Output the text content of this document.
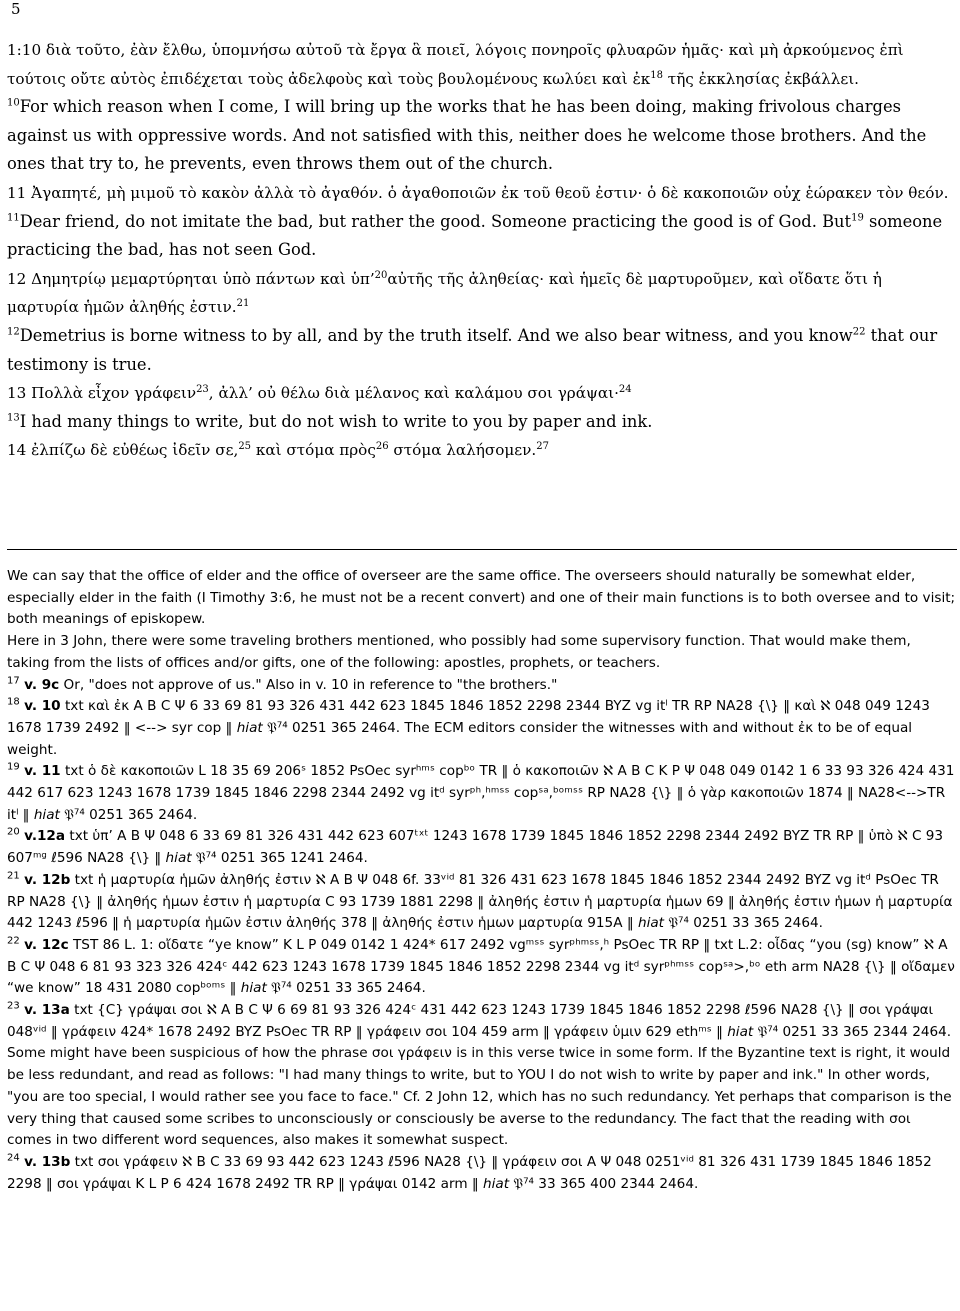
5

1:10 διὰ τοῦτο, ἐὰν ἔλθω, ὑπομνήσω αὐτοῦ τὰ ἔργα ἃ ποιεῖ, λόγοις πονηροῖς φλυαρῶν ἡμᾶς· καὶ μὴ ἀρκούμενος ἐπὶ τούτοις οὔτε αὐτὸς ἐπιδέχεται τοὺς ἀδελφοὺς καὶ τοὺς βουλομένους κωλύει καὶ ἐκ$^{18}$ τῆς ἐκκλησίας ἐκβάλλει.

$^{10}$For which reason when I come, I will bring up the works that he has been doing, making frivolous charges against us with oppressive words. And not satisfied with this, neither does he welcome those brothers. And the ones that try to, he prevents, even throws them out of the church.

11 Ἀγαπητέ, μὴ μιμοῦ τὸ κακὸν ἀλλὰ τὸ ἀγαθόν. ὁ ἀγαθοποιῶν ἐκ τοῦ θεοῦ ἐστιν· ὁ δὲ κακοποιῶν οὐχ ἑώρακεν τὸν θεόν.

$^{11}$Dear friend, do not imitate the bad, but rather the good. Someone practicing the good is of God. But$^{19}$ someone practicing the bad, has not seen God.

12 Δημητρίῳ μεμαρτύρηται ὑπὸ πάντων καὶ ὑπ’$^{20}$αὐτῆς τῆς ἀληθείας· καὶ ἡμεῖς δὲ μαρτυροῦμεν, καὶ οἴδατε ὅτι ἡ μαρτυρία ἡμῶν ἀληθής ἐστιν.$^{21}$

$^{12}$Demetrius is borne witness to by all, and by the truth itself. And we also bear witness, and you know$^{22}$ that our testimony is true.

13 Πολλὰ εἶχον γράφειν$^{23}$, ἀλλ’ οὐ θέλω διὰ μέλανος καὶ καλάμου σοι γράψαι·$^{24}$

$^{13}$I had many things to write, but do not wish to write to you by paper and ink.

14 ἐλπίζω δὲ εὐθέως ἰδεῖν σε,$^{25}$ καὶ στόμα πρὸς$^{26}$ στόμα λαλήσομεν.$^{27}$

We can say that the office of elder and the office of overseer are the same office. The overseers should naturally be somewhat elder, especially elder in the faith (I Timothy 3:6, he must not be a recent convert) and one of their main functions is to both oversee and to visit; both meanings of episkopew.

Here in 3 John, there were some traveling brothers mentioned, who possibly had some supervisory function. That would make them, taking from the lists of offices and/or gifts, one of the following: apostles, prophets, or teachers.

$^{17}$ v. 9c Or, "does not approve of us." Also in v. 10 in reference to "the brothers."

$^{18}$ v. 10 txt καὶ ἐκ A B C Ψ 6 33 69 81 93 326 431 442 623 1845 1846 1852 2298 2344 BYZ vg itˡ TR RP NA28 {\} ‖ καὶ ℵ 048 049 1243 1678 1739 2492 ‖ <--> syr cop ‖ hiat 𝔓⁷⁴ 0251 365 2464. The ECM editors consider the witnesses with and without ἐκ to be of equal weight.

$^{19}$ v. 11 txt ὁ δὲ κακοποιῶν L 18 35 69 206ˢ 1852 PsOec syrʰᵐˢ copᵇᵒ TR ‖ ὁ κακοποιῶν ℵ A B C K P Ψ 048 049 0142 1 6 33 93 326 424 431 442 617 623 1243 1678 1739 1845 1846 2298 2344 2492 vg itᵈ syrᵖʰ,ʰᵐˢˢ copˢᵃ,ᵇᵒᵐˢˢ RP NA28 {\} ‖ ὁ γὰρ κακοποιῶν 1874 ‖ NA28<-->TR itˡ ‖ hiat 𝔓⁷⁴ 0251 365 2464.

$^{20}$ v.12a txt ὑπ’ A B Ψ 048 6 33 69 81 326 431 442 623 607ᵗˣᵗ 1243 1678 1739 1845 1846 1852 2298 2344 2492 BYZ TR RP ‖ ὑπὸ ℵ C 93 607ᵐᵍ ℓ596 NA28 {\} ‖ hiat 𝔓⁷⁴ 0251 365 1241 2464.

$^{21}$ v. 12b txt ἡ μαρτυρία ἡμῶν ἀληθής ἐστιν ℵ A B Ψ 048 6f. 33ᵛⁱᵈ 81 326 431 623 1678 1845 1846 1852 2344 2492 BYZ vg itᵈ PsOec TR RP NA28 {\} ‖ ἀληθής ἡμων ἐστιν ἡ μαρτυρία C 93 1739 1881 2298 ‖ ἀληθής ἐστιν ἡ μαρτυρία ἡμων 69 ‖ ἀληθής ἐστιν ἡμων ἡ μαρτυρία 442 1243 ℓ596 ‖ ἡ μαρτυρία ἡμῶν ἐστιν ἀληθής 378 ‖ ἀληθής ἐστιν ἡμων μαρτυρία 915A ‖ hiat 𝔓⁷⁴ 0251 33 365 2464.

$^{22}$ v. 12c TST 86 L. 1: οἴδατε “ye know” K L P 049 0142 1 424* 617 2492 vgᵐˢˢ syrᵖʰᵐˢˢ,ʰ PsOec TR RP ‖ txt L.2: οἶδας “you (sg) know” ℵ A B C Ψ 048 6 81 93 323 326 424ᶜ 442 623 1243 1678 1739 1845 1846 1852 2298 2344 vg itᵈ syrᵖʰᵐˢˢ copˢᵃ>,ᵇᵒ eth arm NA28 {\} ‖ οἴδαμεν “we know” 18 431 2080 copᵇᵒᵐˢ ‖ hiat 𝔓⁷⁴ 0251 33 365 2464.

$^{23}$ v. 13a txt {C} γράψαι σοι ℵ A B C Ψ 6 69 81 93 326 424ᶜ 431 442 623 1243 1739 1845 1846 1852 2298 ℓ596 NA28 {\} ‖ σοι γράψαι 048ᵛⁱᵈ ‖ γράφειν 424* 1678 2492 BYZ PsOec TR RP ‖ γράφειν σοι 104 459 arm ‖ γράφειν ὑμιν 629 ethᵐˢ ‖ hiat 𝔓⁷⁴ 0251 33 365 2344 2464. Some might have been suspicious of how the phrase σοι γράφειν is in this verse twice in some form. If the Byzantine text is right, it would be less redundant, and read as follows: "I had many things to write, but to YOU I do not wish to write by paper and ink." In other words, "you are too special, I would rather see you face to face." Cf. 2 John 12, which has no such redundancy. Yet perhaps that comparison is the very thing that caused some scribes to unconsciously or consciously be averse to the redundancy. The fact that the reading with σοι comes in two different word sequences, also makes it somewhat suspect.

$^{24}$ v. 13b txt σοι γράφειν ℵ B C 33 69 93 442 623 1243 ℓ596 NA28 {\} ‖ γράφειν σοι A Ψ 048 0251ᵛⁱᵈ 81 326 431 1739 1845 1846 1852 2298 ‖ σοι γράψαι K L P 6 424 1678 2492 TR RP ‖ γράψαι 0142 arm ‖ hiat 𝔓⁷⁴ 33 365 400 2344 2464.
